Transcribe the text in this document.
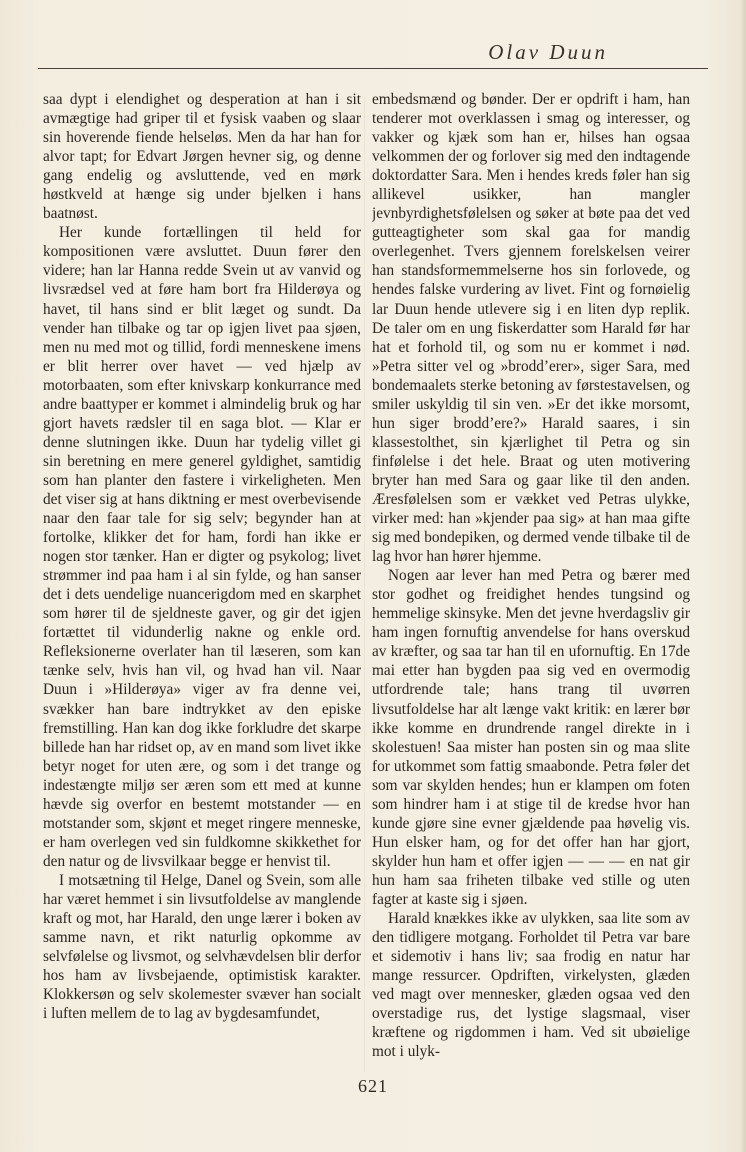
Olav Duun

saa dypt i elendighet og desperation at han i sit avmægtige had griper til et fysisk vaaben og slaar sin hoverende fiende helseløs. Men da har han for alvor tapt; for Edvart Jørgen hevner sig, og denne gang endelig og avsluttende, ved en mørk høstkveld at hænge sig under bjelken i hans baatnøst.

Her kunde fortællingen til held for kompositionen være avsluttet. Duun fører den videre; han lar Hanna redde Svein ut av vanvid og livsrædsel ved at føre ham bort fra Hilderøya og havet, til hans sind er blit læget og sundt. Da vender han tilbake og tar op igjen livet paa sjøen, men nu med mot og tillid, fordi menneskene imens er blit herrer over havet — ved hjælp av motorbaaten, som efter knivskarp konkurrance med andre baattyper er kommet i almindelig bruk og har gjort havets rædsler til en saga blot. — Klar er denne slutningen ikke. Duun har tydelig villet gi sin beretning en mere generel gyldighet, samtidig som han planter den fastere i virkeligheten. Men det viser sig at hans diktning er mest overbevisende naar den faar tale for sig selv; begynder han at fortolke, klikker det for ham, fordi han ikke er nogen stor tænker. Han er digter og psykolog; livet strømmer ind paa ham i al sin fylde, og han sanser det i dets uendelige nuancerigdom med en skarphet som hører til de sjeldneste gaver, og gir det igjen fortættet til vidunderlig nakne og enkle ord. Refleksionerne overlater han til læseren, som kan tænke selv, hvis han vil, og hvad han vil. Naar Duun i »Hilderøya» viger av fra denne vei, svækker han bare indtrykket av den episke fremstilling. Han kan dog ikke forkludre det skarpe billede han har ridset op, av en mand som livet ikke betyr noget for uten ære, og som i det trange og indestængte miljø ser æren som ett med at kunne hævde sig overfor en bestemt motstander — en motstander som, skjønt et meget ringere menneske, er ham overlegen ved sin fuldkomne skikkethet for den natur og de livsvilkaar begge er henvist til.

I motsætning til Helge, Danel og Svein, som alle har været hemmet i sin livsutfoldelse av manglende kraft og mot, har Harald, den unge lærer i boken av samme navn, et rikt naturlig opkomme av selvfølelse og livsmot, og selvhævdelsen blir derfor hos ham av livsbejaende, optimistisk karakter. Klokkersøn og selv skolemester svæver han socialt i luften mellem de to lag av bygdesamfundet,

embedsmænd og bønder. Der er opdrift i ham, han tenderer mot overklassen i smag og interesser, og vakker og kjæk som han er, hilses han ogsaa velkommen der og forlover sig med den indtagende doktordatter Sara. Men i hendes kreds føler han sig allikevel usikker, han mangler jevnbyrdighetsfølelsen og søker at bøte paa det ved gutteagtigheter som skal gaa for mandig overlegenhet. Tvers gjennem forelskelsen veirer han standsformemmelserne hos sin forlovede, og hendes falske vurdering av livet. Fint og fornøielig lar Duun hende utlevere sig i en liten dyp replik. De taler om en ung fiskerdatter som Harald før har hat et forhold til, og som nu er kommet i nød. »Petra sitter vel og »brodd’erer», siger Sara, med bondemaalets sterke betoning av førstestavelsen, og smiler uskyldig til sin ven. »Er det ikke morsomt, hun siger brodd’ere?» Harald saares, i sin klassestolthet, sin kjærlighet til Petra og sin finfølelse i det hele. Braat og uten motivering bryter han med Sara og gaar like til den anden. Æresfølelsen som er vækket ved Petras ulykke, virker med: han »kjender paa sig» at han maa gifte sig med bondepiken, og dermed vende tilbake til de lag hvor han hører hjemme.

Nogen aar lever han med Petra og bærer med stor godhet og freidighet hendes tungsind og hemmelige skinsyke. Men det jevne hverdagsliv gir ham ingen fornuftig anvendelse for hans overskud av kræfter, og saa tar han til en ufornuftig. En 17de mai etter han bygden paa sig ved en overmodig utfordrende tale; hans trang til uvørren livsutfoldelse har alt længe vakt kritik: en lærer bør ikke komme en drundrende rangel direkte in i skolestuen! Saa mister han posten sin og maa slite for utkommet som fattig smaabonde. Petra føler det som var skylden hendes; hun er klampen om foten som hindrer ham i at stige til de kredse hvor han kunde gjøre sine evner gjældende paa høvelig vis. Hun elsker ham, og for det offer han har gjort, skylder hun ham et offer igjen — — — en nat gir hun ham saa friheten tilbake ved stille og uten fagter at kaste sig i sjøen.

Harald knækkes ikke av ulykken, saa lite som av den tidligere motgang. Forholdet til Petra var bare et sidemotiv i hans liv; saa frodig en natur har mange ressurcer. Opdriften, virkelysten, glæden ved magt over mennesker, glæden ogsaa ved den overstadige rus, det lystige slagsmaal, viser kræftene og rigdommen i ham. Ved sit ubøielige mot i ulyk-

621
